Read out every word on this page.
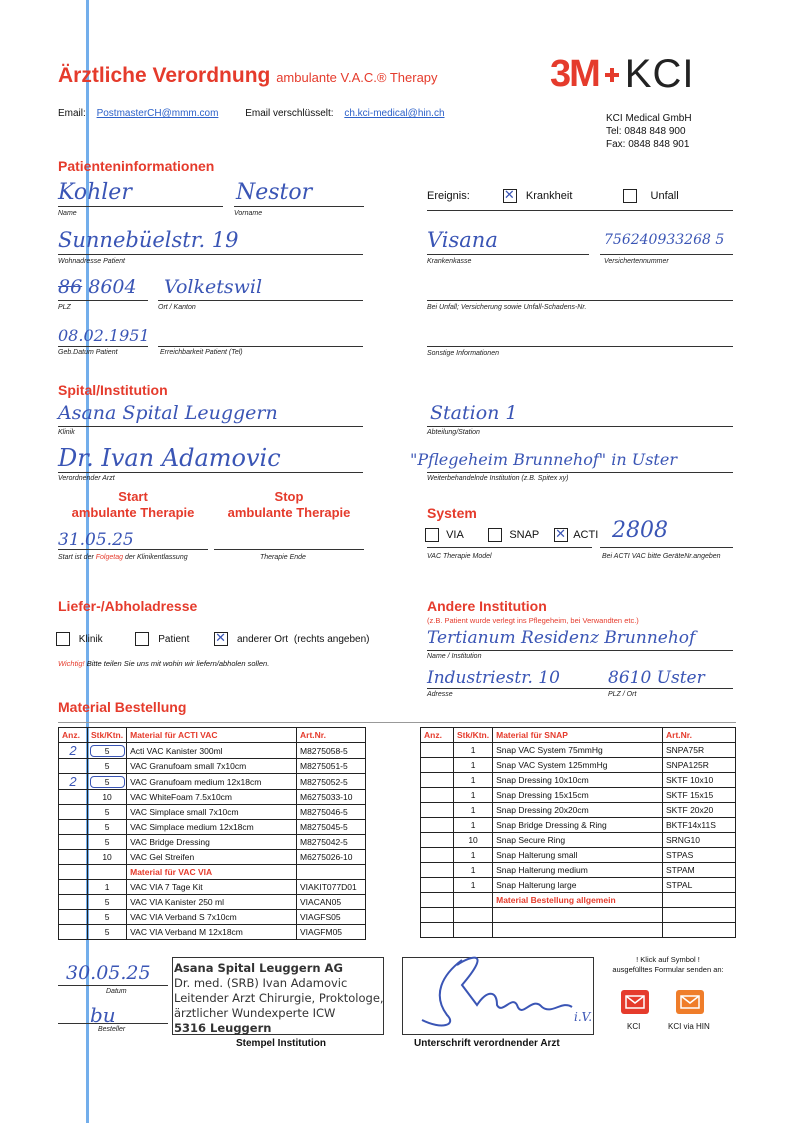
Ärztliche Verordnung ambulante V.A.C.® Therapy
Email: PostmasterCH@mmm.com	Email verschlüsselt: ch.kci-medical@hin.ch
3M KCI
KCI Medical GmbH
Tel: 0848 848 900
Fax: 0848 848 901
Patienteninformationen
Kohler
Name
Nestor
Vorname
Sunnebüelstr. 19
Wohnadresse Patient
86 8604
PLZ
Volketswil
Ort / Kanton
08.02.1951
Geb.Datum Patient	Erreichbarkeit Patient (Tel)
Ereignis: ✕	Krankheit	Unfall
Visana
Krankenkasse
756240933268 5
Versichertennummer
Bei Unfall; Versicherung sowie Unfall-Schadens-Nr.
Sonstige Informationen
Spital/Institution
Asana Spital Leuggern
Klinik
Station 1
Abteilung/Station
Dr. Ivan Adamovic
Verordnender Arzt
"Pflegeheim Brunnehof" in Uster
Weiterbehandelnde Institution (z.B. Spitex xy)
Start
ambulante Therapie
Stop
ambulante Therapie
31.05.25
Start ist der Folgetag der Klinikentlassung	Therapie Ende
System
VIA	SNAP ✕	ACTI
VAC Therapie Model
2808
Bei ACTI VAC bitte GeräteNr.angeben
Liefer-/Abholadresse
Klinik	Patient ✕	anderer Ort (rechts angeben)
Wichtig! Bitte teilen Sie uns mit wohin wir liefern/abholen sollen.
Andere Institution
(z.B. Patient wurde verlegt ins Pflegeheim, bei Verwandten etc.)
Tertianum Residenz Brunnehof
Name / Institution
Industriestr. 10	8610 Uster
Adresse	PLZ / Ort
Material Bestellung
Anz.	Stk/Ktn.	Material für ACTI VAC	Art.Nr.
2	5	Acti VAC Kanister 300ml	M8275058-5
	5	VAC Granufoam small 7x10cm	M8275051-5
2	5	VAC Granufoam medium 12x18cm	M8275052-5
	10	VAC WhiteFoam 7.5x10cm	M6275033-10
	5	VAC Simplace small 7x10cm	M8275046-5
	5	VAC Simplace medium 12x18cm	M8275045-5
	5	VAC Bridge Dressing	M8275042-5
	10	VAC Gel Streifen	M6275026-10
		Material für VAC VIA	
	1	VAC VIA 7 Tage Kit	VIAKIT077D01
	5	VAC VIA Kanister 250 ml	VIACAN05
	5	VAC VIA Verband S 7x10cm	VIAGFS05
	5	VAC VIA Verband M 12x18cm	VIAGFM05
Anz.	Stk/Ktn.	Material für SNAP	Art.Nr.
	1	Snap VAC System 75mmHg	SNPA75R
	1	Snap VAC System 125mmHg	SNPA125R
	1	Snap Dressing 10x10cm	SKTF 10x10
	1	Snap Dressing 15x15cm	SKTF 15x15
	1	Snap Dressing 20x20cm	SKTF 20x20
	1	Snap Bridge Dressing & Ring	BKTF14x11S
	10	Snap Secure Ring	SRNG10
	1	Snap Halterung small	STPAS
	1	Snap Halterung medium	STPAM
	1	Snap Halterung large	STPAL
		Material Bestellung allgemein	

30.05.25
Datum
bu
Besteller
Asana Spital Leuggern AG
Dr. med. (SRB) Ivan Adamovic
Leitender Arzt Chirurgie, Proktologe,
ärztlicher Wundexperte ICW
5316 Leuggern
Stempel Institution
i.V.
Unterschrift verordnender Arzt
! Klick auf Symbol !
ausgefülltes Formular senden an:
KCI	KCI via HIN
